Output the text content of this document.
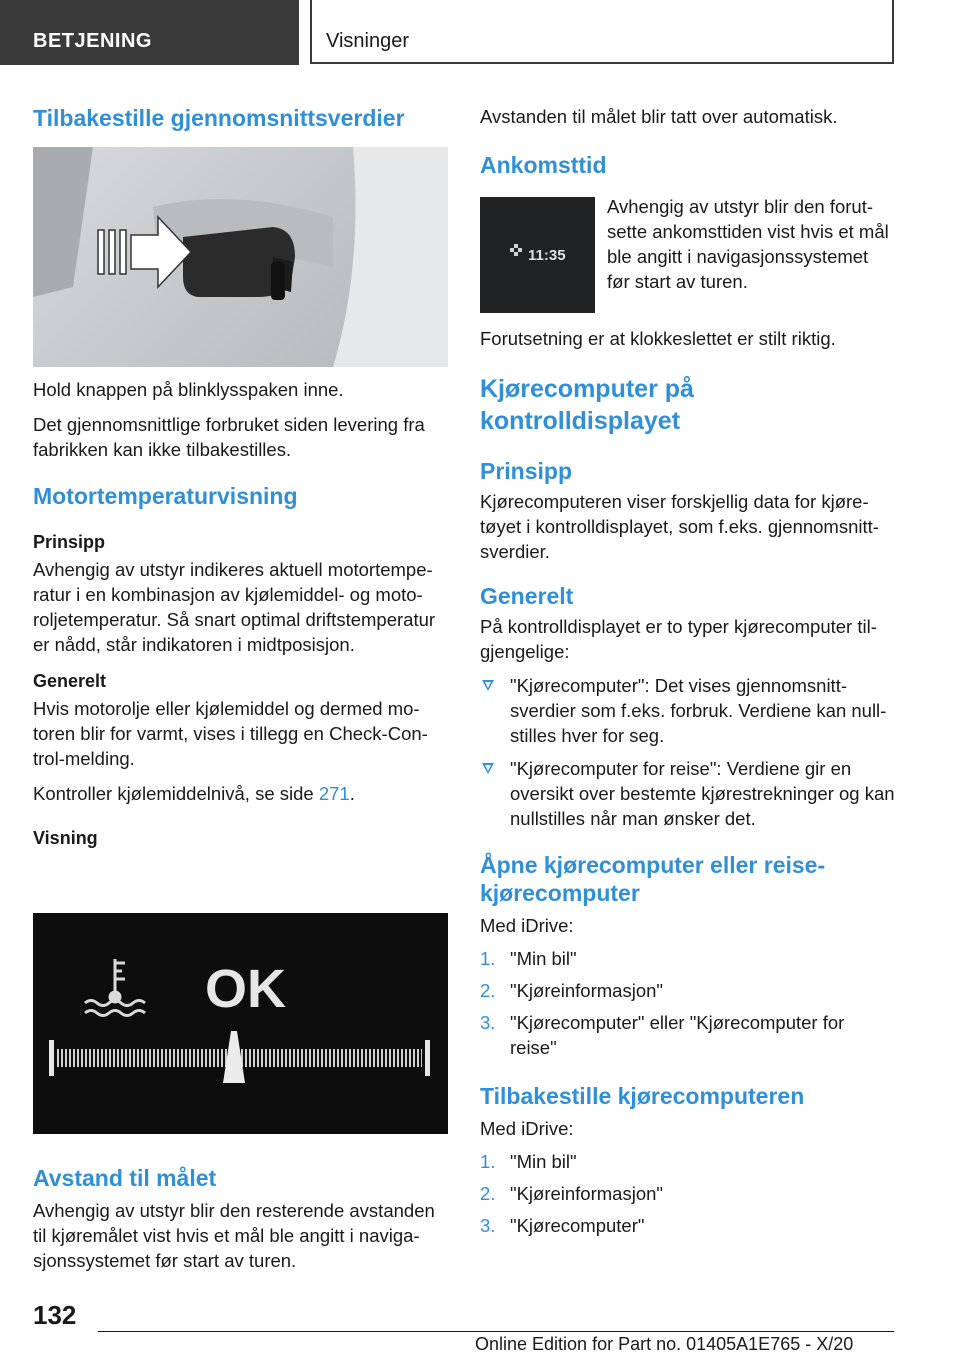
BETJENING	Visninger
Tilbakestille gjennomsnittsverdier

Hold knappen på blinklysspaken inne.

Det gjennomsnittlige forbruket siden levering fra fabrikken kan ikke tilbakestilles.

Motortemperaturvisning
Prinsipp

Avhengig av utstyr indikeres aktuell motortemperatur i en kombinasjon av kjølemiddel- og motoroljetemperatur. Så snart optimal driftstemperatur er nådd, står indikatoren i midtposisjon.

Generelt

Hvis motorolje eller kjølemiddel og dermed motoren blir for varmt, vises i tillegg en Check-Control-melding.

Kontroller kjølemiddelnivå, se side 271.

Visning
OK
Avstand til målet

Avhengig av utstyr blir den resterende avstanden til kjøremålet vist hvis et mål ble angitt i navigasjonssystemet før start av turen.

Avstanden til målet blir tatt over automatisk.

Ankomsttid
11:35

Avhengig av utstyr blir den forutsette ankomsttiden vist hvis et mål ble angitt i navigasjonssystemet før start av turen.

Forutsetning er at klokkeslettet er stilt riktig.

Kjørecomputer på kontrolldisplayet
Prinsipp

Kjørecomputeren viser forskjellig data for kjøretøyet i kontrolldisplayet, som f.eks. gjennomsnittsverdier.

Generelt

På kontrolldisplayet er to typer kjørecomputer tilgjengelige:

"Kjørecomputer": Det vises gjennomsnittsverdier som f.eks. forbruk. Verdiene kan nullstilles hver for seg.
"Kjørecomputer for reise": Verdiene gir en oversikt over bestemte kjørestrekninger og kan nullstilles når man ønsker det.
Åpne kjørecomputer eller reisekjørecomputer

Med iDrive:

1. "Min bil"
2. "Kjøreinformasjon"
3. "Kjørecomputer" eller "Kjørecomputer for reise"
Tilbakestille kjørecomputeren

Med iDrive:

1. "Min bil"
2. "Kjøreinformasjon"
3. "Kjørecomputer"
132
Online Edition for Part no. 01405A1E765 - X/20
